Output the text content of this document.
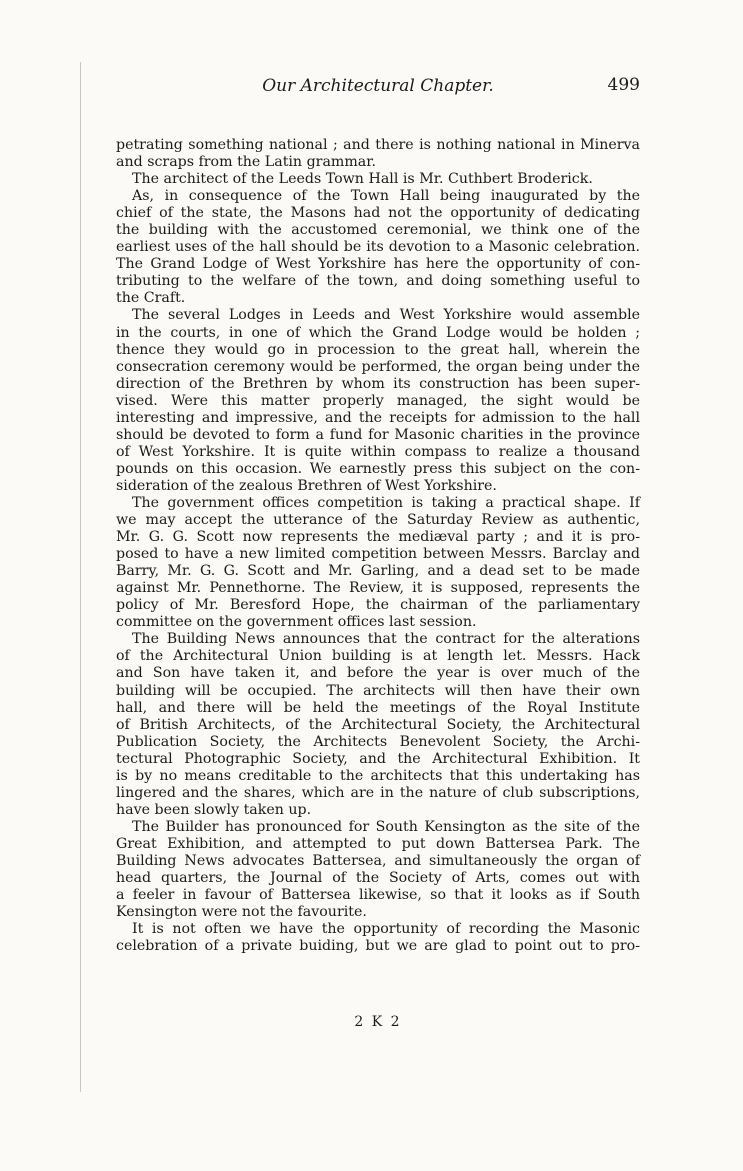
Our Architectural Chapter.	499
petrating something national ; and there is nothing national in Minerva
and scraps from the Latin grammar.
The architect of the Leeds Town Hall is Mr. Cuthbert Broderick.
As, in consequence of the Town Hall being inaugurated by the
chief of the state, the Masons had not the opportunity of dedicating
the building with the accustomed ceremonial, we think one of the
earliest uses of the hall should be its devotion to a Masonic celebration.
The Grand Lodge of West Yorkshire has here the opportunity of con-
tributing to the welfare of the town, and doing something useful to
the Craft.
The several Lodges in Leeds and West Yorkshire would assemble
in the courts, in one of which the Grand Lodge would be holden ;
thence they would go in procession to the great hall, wherein the
consecration ceremony would be performed, the organ being under the
direction of the Brethren by whom its construction has been super-
vised. Were this matter properly managed, the sight would be
interesting and impressive, and the receipts for admission to the hall
should be devoted to form a fund for Masonic charities in the province
of West Yorkshire. It is quite within compass to realize a thousand
pounds on this occasion. We earnestly press this subject on the con-
sideration of the zealous Brethren of West Yorkshire.
The government offices competition is taking a practical shape. If
we may accept the utterance of the Saturday Review as authentic,
Mr. G. G. Scott now represents the mediæval party ; and it is pro-
posed to have a new limited competition between Messrs. Barclay and
Barry, Mr. G. G. Scott and Mr. Garling, and a dead set to be made
against Mr. Pennethorne. The Review, it is supposed, represents the
policy of Mr. Beresford Hope, the chairman of the parliamentary
committee on the government offices last session.
The Building News announces that the contract for the alterations
of the Architectural Union building is at length let. Messrs. Hack
and Son have taken it, and before the year is over much of the
building will be occupied. The architects will then have their own
hall, and there will be held the meetings of the Royal Institute
of British Architects, of the Architectural Society, the Architectural
Publication Society, the Architects Benevolent Society, the Archi-
tectural Photographic Society, and the Architectural Exhibition. It
is by no means creditable to the architects that this undertaking has
lingered and the shares, which are in the nature of club subscriptions,
have been slowly taken up.
The Builder has pronounced for South Kensington as the site of the
Great Exhibition, and attempted to put down Battersea Park. The
Building News advocates Battersea, and simultaneously the organ of
head quarters, the Journal of the Society of Arts, comes out with
a feeler in favour of Battersea likewise, so that it looks as if South
Kensington were not the favourite.
It is not often we have the opportunity of recording the Masonic
celebration of a private buiding, but we are glad to point out to pro-
2 K 2
